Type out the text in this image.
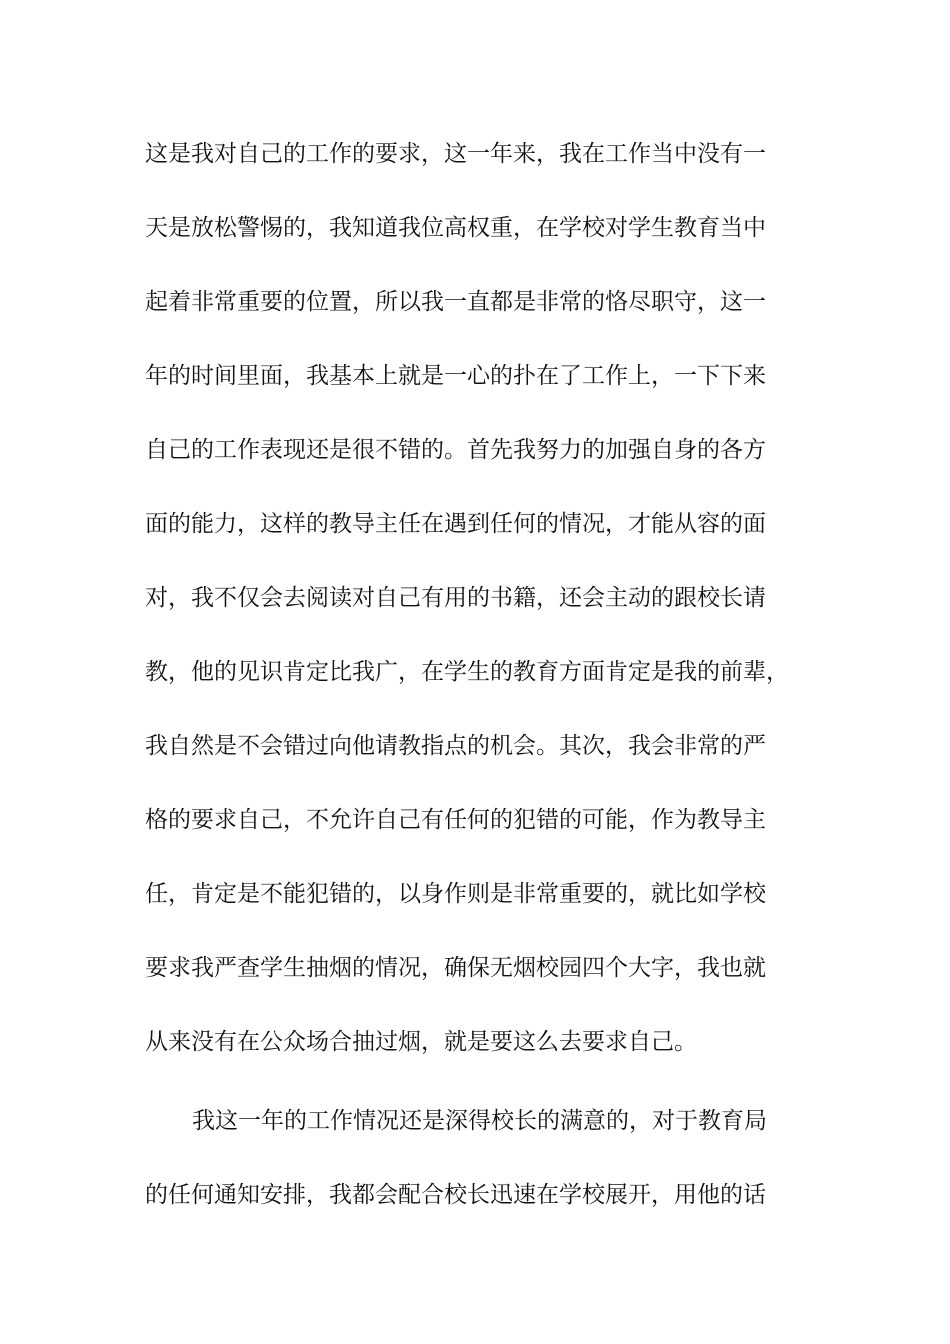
这是我对自己的工作的要求，这一年来，我在工作当中没有一
天是放松警惕的，我知道我位高权重，在学校对学生教育当中
起着非常重要的位置，所以我一直都是非常的恪尽职守，这一
年的时间里面，我基本上就是一心的扑在了工作上，一下下来
自己的工作表现还是很不错的。首先我努力的加强自身的各方
面的能力，这样的教导主任在遇到任何的情况，才能从容的面
对，我不仅会去阅读对自己有用的书籍，还会主动的跟校长请
教，他的见识肯定比我广，在学生的教育方面肯定是我的前辈，
我自然是不会错过向他请教指点的机会。其次，我会非常的严
格的要求自己，不允许自己有任何的犯错的可能，作为教导主
任，肯定是不能犯错的，以身作则是非常重要的，就比如学校
要求我严查学生抽烟的情况，确保无烟校园四个大字，我也就
从来没有在公众场合抽过烟，就是要这么去要求自己。
我这一年的工作情况还是深得校长的满意的，对于教育局
的任何通知安排，我都会配合校长迅速在学校展开，用他的话
